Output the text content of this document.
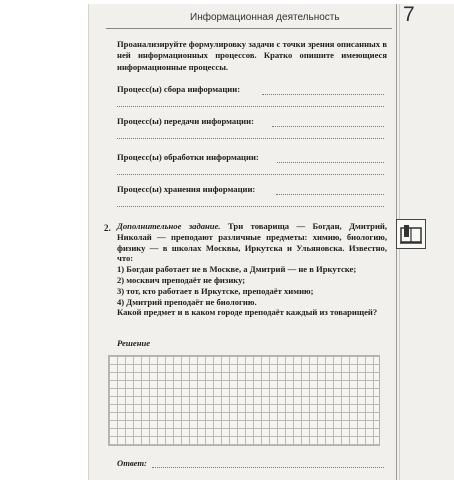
Информационная деятельность	7
Проанализируйте формулировку задачи с точки зрения описанных в ней информационных процессов. Кратко опишите имеющиеся информационные процессы.
Процесс(ы) сбора информации:
Процесс(ы) передачи информации:
Процесс(ы) обработки информации:
Процесс(ы) хранения информации:
2. Дополнительное задание. Три товарища — Богдан, Дмитрий, Николай — преподают различные предметы: химию, биологию, физику — в школах Москвы, Иркутска и Ульяновска. Известно, что:

1) Богдан работает не в Москве, а Дмитрий — не в Иркутске;

2) москвич преподаёт не физику;

3) тот, кто работает в Иркутске, преподаёт химию;

4) Дмитрий преподаёт не биологию.

Какой предмет и в каком городе преподаёт каждый из товарищей?

Решение
Ответ:
